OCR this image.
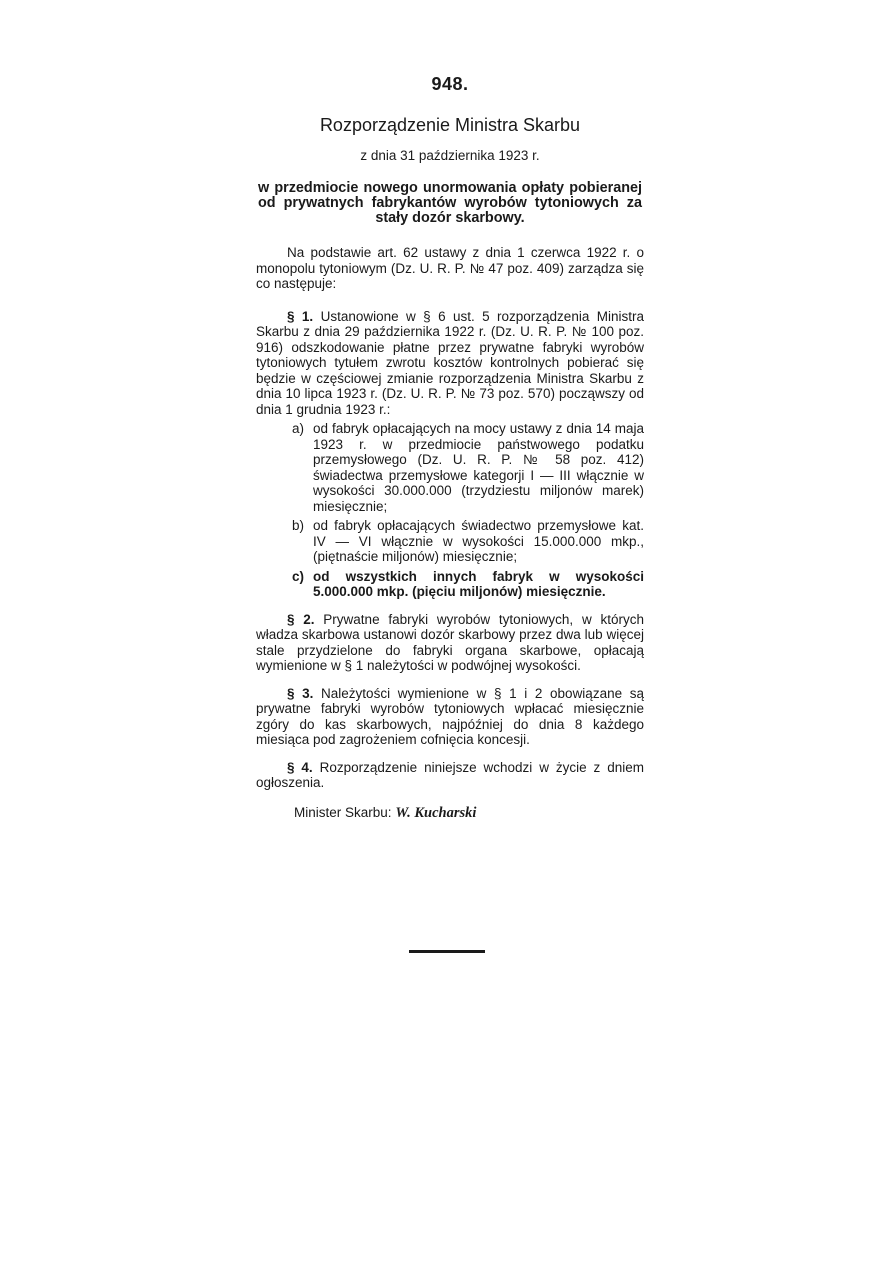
948.
Rozporządzenie Ministra Skarbu
z dnia 31 października 1923 r.
w przedmiocie nowego unormowania opłaty pobieranej od prywatnych fabrykantów wyrobów tytoniowych za stały dozór skarbowy.

Na podstawie art. 62 ustawy z dnia 1 czerwca 1922 r. o monopolu tytoniowym (Dz. U. R. P. № 47 poz. 409) zarządza się co następuje:

§ 1. Ustanowione w § 6 ust. 5 rozporządzenia Ministra Skarbu z dnia 29 października 1922 r. (Dz. U. R. P. № 100 poz. 916) odszkodowanie płatne przez prywatne fabryki wyrobów tytoniowych tytułem zwrotu kosztów kontrolnych pobierać się będzie w częściowej zmianie rozporządzenia Ministra Skarbu z dnia 10 lipca 1923 r. (Dz. U. R. P. № 73 poz. 570) począwszy od dnia 1 grudnia 1923 r.:

a) od fabryk opłacających na mocy ustawy z dnia 14 maja 1923 r. w przedmiocie państwowego podatku przemysłowego (Dz. U. R. P. № 58 poz. 412) świadectwa przemysłowe kategorji I — III włącznie w wysokości 30.000.000 (trzydziestu miljonów marek) miesięcznie;
b) od fabryk opłacających świadectwo przemysłowe kat. IV — VI włącznie w wysokości 15.000.000 mkp., (piętnaście miljonów) miesięcznie;
c) od wszystkich innych fabryk w wysokości 5.000.000 mkp. (pięciu miljonów) miesięcznie.

§ 2. Prywatne fabryki wyrobów tytoniowych, w których władza skarbowa ustanowi dozór skarbowy przez dwa lub więcej stale przydzielone do fabryki organa skarbowe, opłacają wymienione w § 1 należytości w podwójnej wysokości.

§ 3. Należytości wymienione w § 1 i 2 obowiązane są prywatne fabryki wyrobów tytoniowych wpłacać miesięcznie zgóry do kas skarbowych, najpóźniej do dnia 8 każdego miesiąca pod zagrożeniem cofnięcia koncesji.

§ 4. Rozporządzenie niniejsze wchodzi w życie z dniem ogłoszenia.

Minister Skarbu: W. Kucharski
